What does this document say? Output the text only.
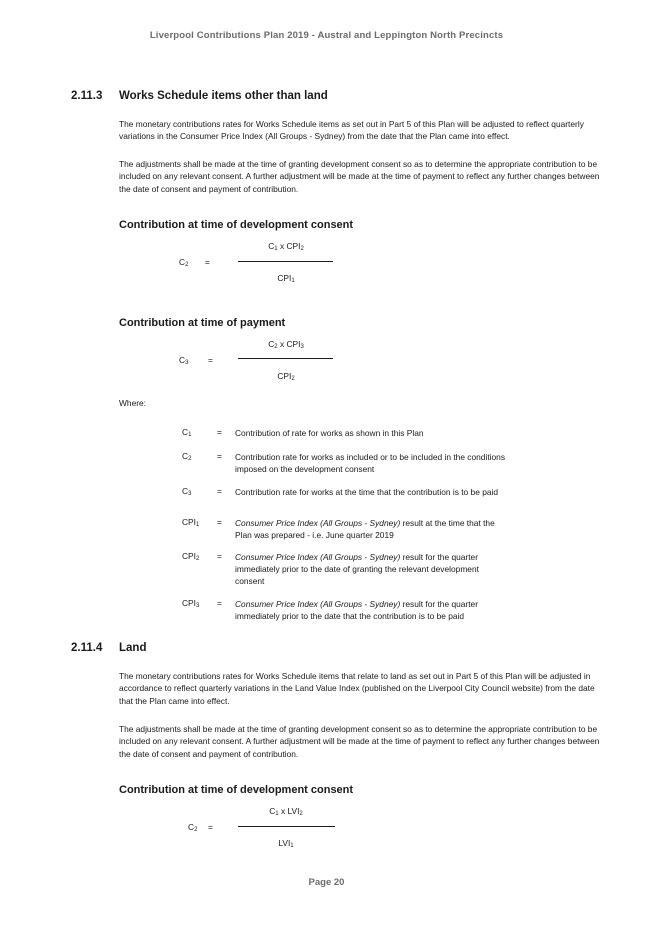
Liverpool Contributions Plan 2019 - Austral and Leppington North Precincts
2.11.3 Works Schedule items other than land
The monetary contributions rates for Works Schedule items as set out in Part 5 of this Plan will be adjusted to reflect quarterly variations in the Consumer Price Index (All Groups - Sydney) from the date that the Plan came into effect.
The adjustments shall be made at the time of granting development consent so as to determine the appropriate contribution to be included on any relevant consent. A further adjustment will be made at the time of payment to reflect any further changes between the date of consent and payment of contribution.
Contribution at time of development consent
$C_2$ =
$C_1$ x $CPI_2$
$CPI_1$
Contribution at time of payment
$C_3$ =
$C_2$ x $CPI_3$
$CPI_2$
Where:
$C_1$	= Contribution of rate for works as shown in this Plan
$C_2$	= Contribution rate for works as included or to be included in the conditions imposed on the development consent
$C_3$	= Contribution rate for works at the time that the contribution is to be paid
$CPI_1$ = Consumer Price Index (All Groups - Sydney) result at the time that the Plan was prepared - i.e. June quarter 2019
$CPI_2$ = Consumer Price Index (All Groups - Sydney) result for the quarter immediately prior to the date of granting the relevant development consent
$CPI_3$ = Consumer Price Index (All Groups - Sydney) result for the quarter immediately prior to the date that the contribution is to be paid
2.11.4 Land
The monetary contributions rates for Works Schedule items that relate to land as set out in Part 5 of this Plan will be adjusted in accordance to reflect quarterly variations in the Land Value Index (published on the Liverpool City Council website) from the date that the Plan came into effect.
The adjustments shall be made at the time of granting development consent so as to determine the appropriate contribution to be included on any relevant consent. A further adjustment will be made at the time of payment to reflect any further changes between the date of consent and payment of contribution.
Contribution at time of development consent
$C_2$ =
$C_1$ x $LVI_2$
$LVI_1$
Page 20
